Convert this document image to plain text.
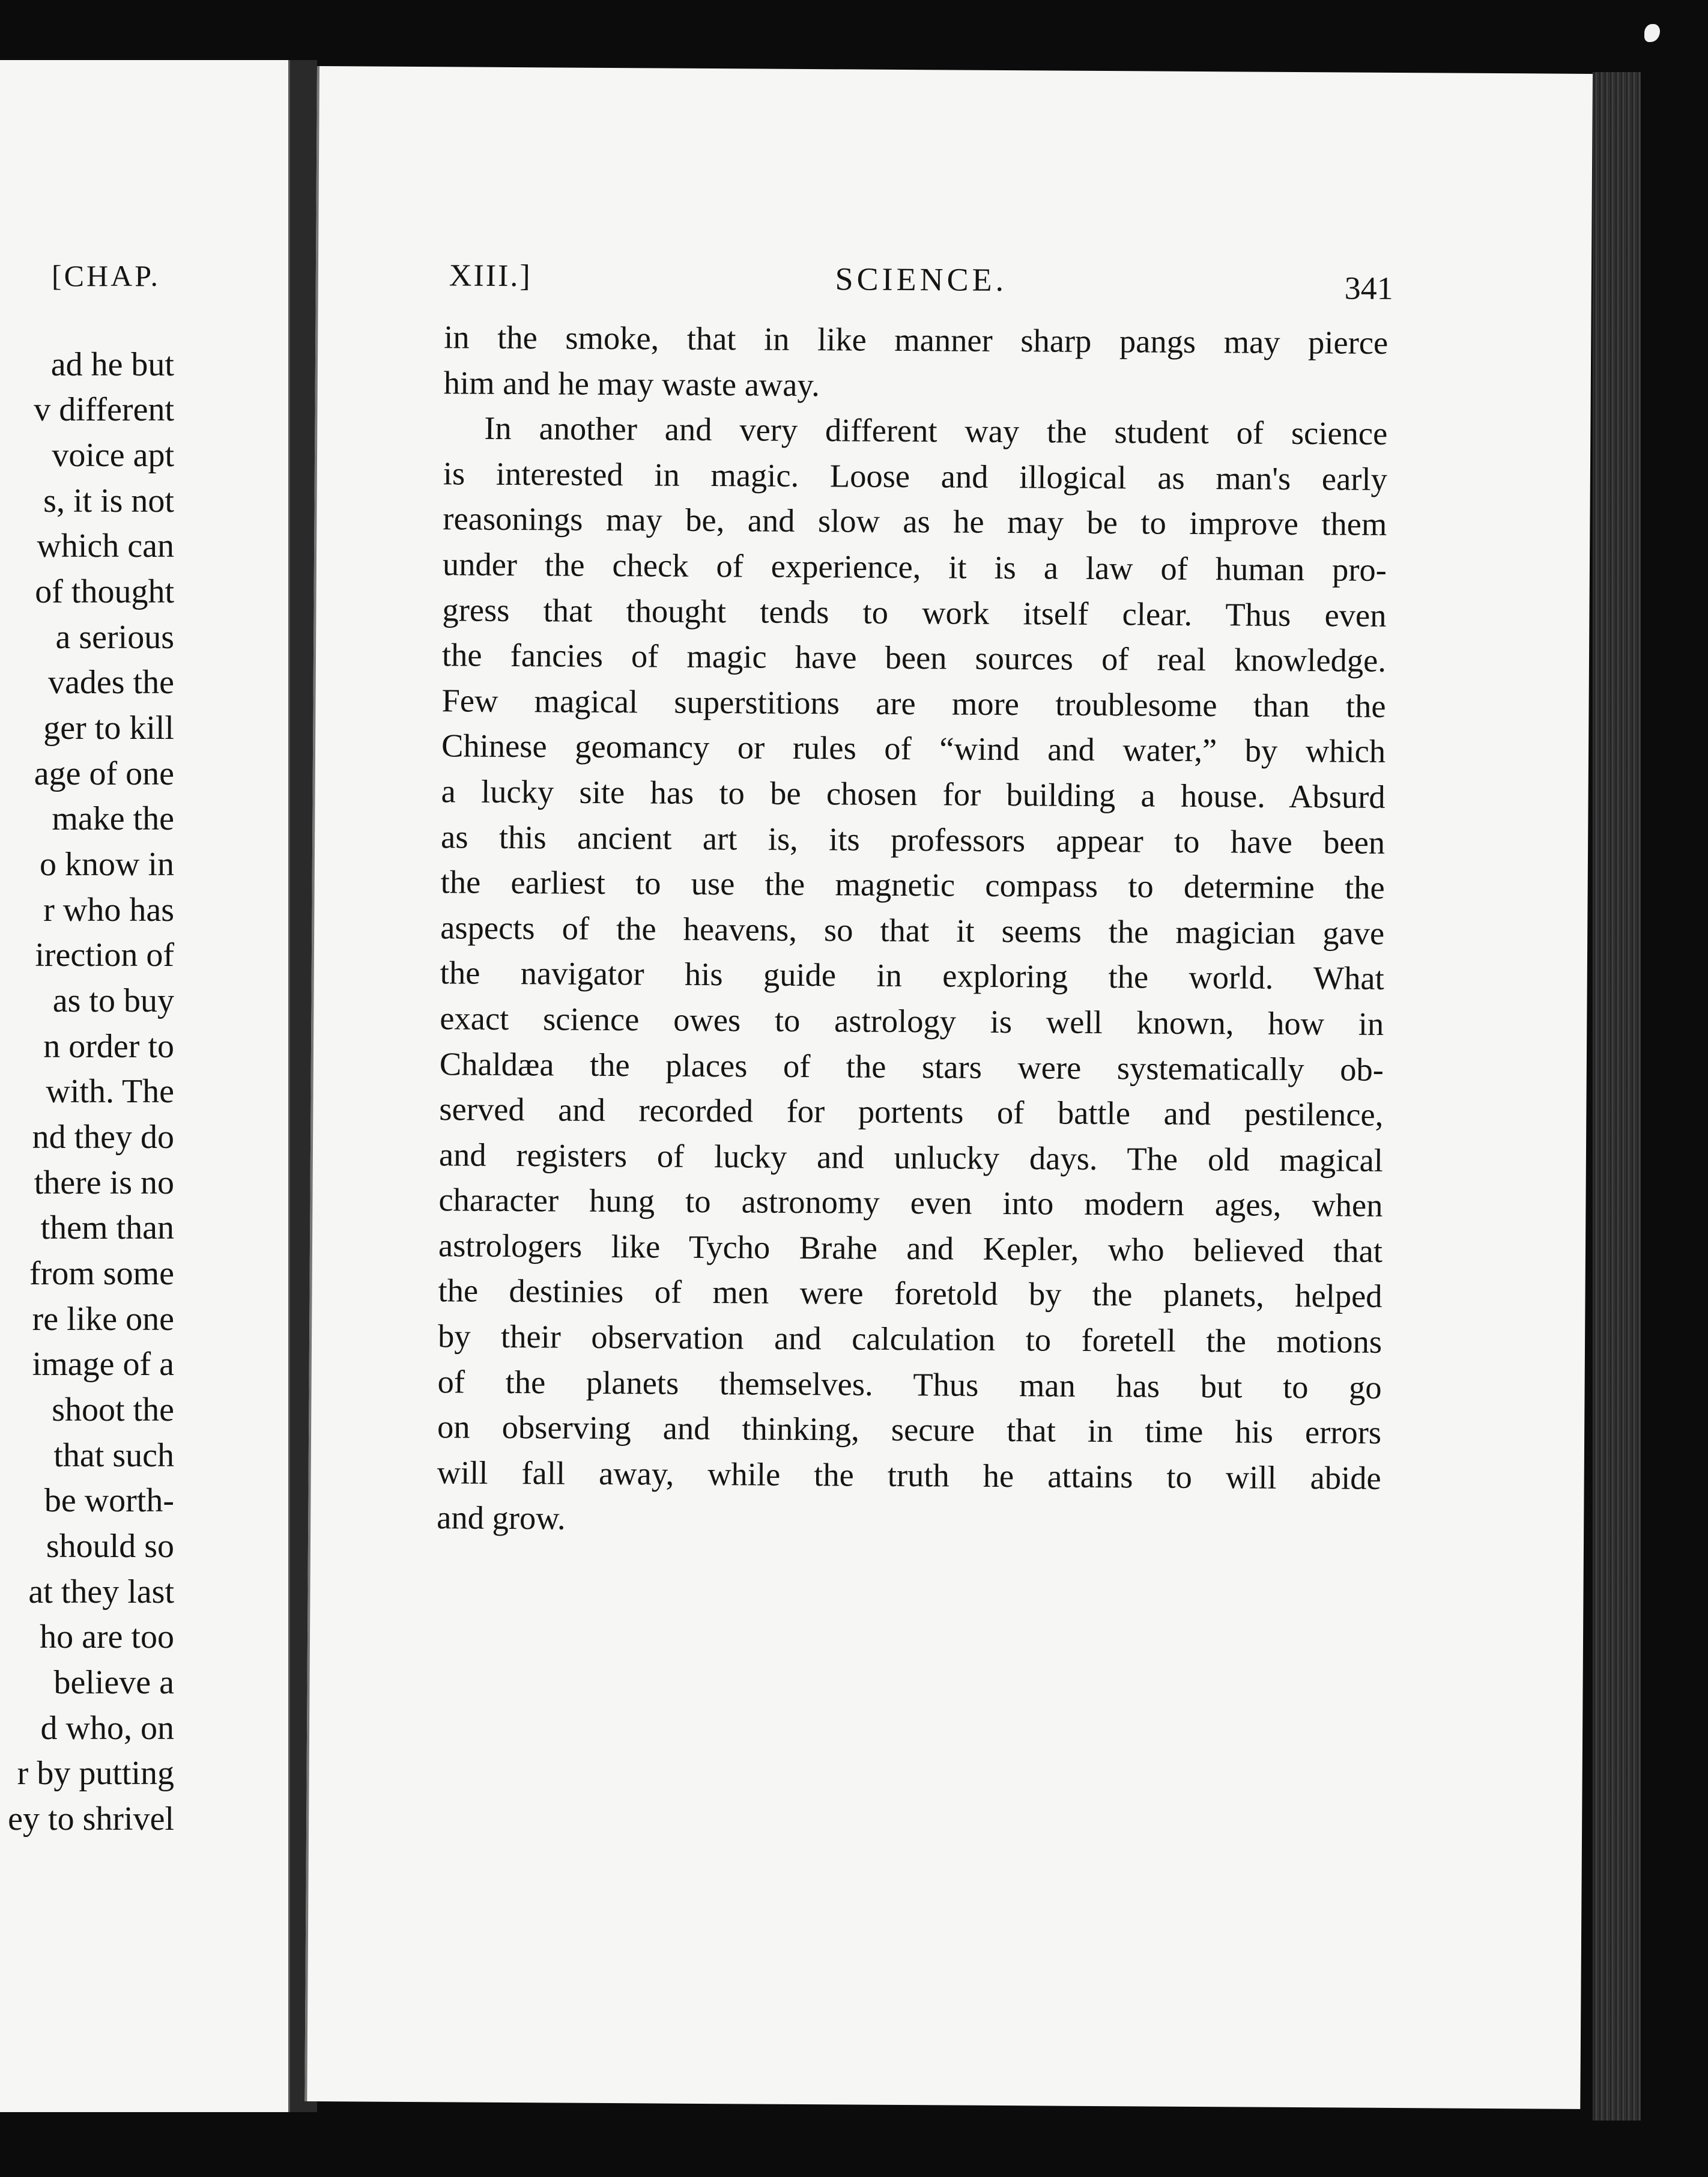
[CHAP.
ad he but
v different
voice apt
s, it is not
which can
of thought
a serious
vades the
ger to kill
age of one
make the
o know in
r who has
irection of
as to buy
n order to
with. The
nd they do
there is no
them than
from some
re like one
image of a
shoot the
that such
be worth-
should so
at they last
ho are too
believe a
d who, on
r by putting
ey to shrivel
XIII.]	SCIENCE.	341
in the smoke, that in like manner sharp pangs may pierce
him and he may waste away.
In another and very different way the student of science
is interested in magic. Loose and illogical as man's early
reasonings may be, and slow as he may be to improve them
under the check of experience, it is a law of human pro-
gress that thought tends to work itself clear. Thus even
the fancies of magic have been sources of real knowledge.
Few magical superstitions are more troublesome than the
Chinese geomancy or rules of “wind and water,” by which
a lucky site has to be chosen for building a house. Absurd
as this ancient art is, its professors appear to have been
the earliest to use the magnetic compass to determine the
aspects of the heavens, so that it seems the magician gave
the navigator his guide in exploring the world. What
exact science owes to astrology is well known, how in
Chaldæa the places of the stars were systematically ob-
served and recorded for portents of battle and pestilence,
and registers of lucky and unlucky days. The old magical
character hung to astronomy even into modern ages, when
astrologers like Tycho Brahe and Kepler, who believed that
the destinies of men were foretold by the planets, helped
by their observation and calculation to foretell the motions
of the planets themselves. Thus man has but to go
on observing and thinking, secure that in time his errors
will fall away, while the truth he attains to will abide
and grow.
